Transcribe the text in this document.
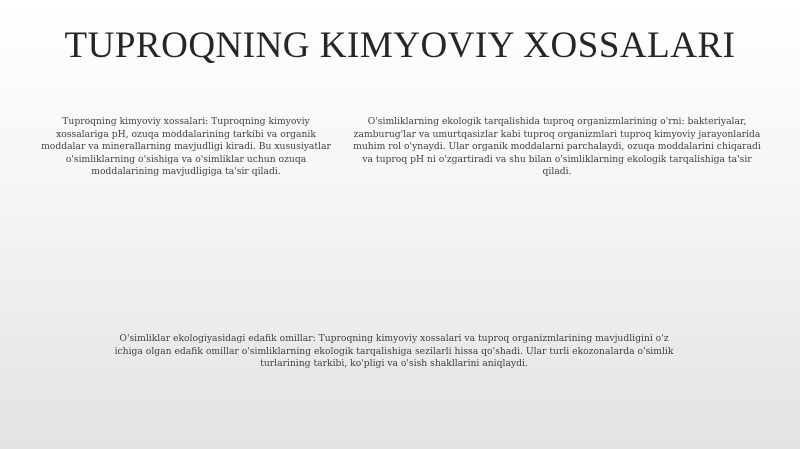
TUPROQNING KIMYOVIY XOSSALARI

Tuproqning kimyoviy xossalari: Tuproqning kimyoviy xossalariga pH, ozuqa moddalarining tarkibi va organik moddalar va minerallarning mavjudligi kiradi. Bu xususiyatlar o'simliklarning o'sishiga va o'simliklar uchun ozuqa moddalarining mavjudligiga ta'sir qiladi.

O'simliklarning ekologik tarqalishida tuproq organizmlarining o'rni: bakteriyalar, zamburug'lar va umurtqasizlar kabi tuproq organizmlari tuproq kimyoviy jarayonlarida muhim rol o'ynaydi. Ular organik moddalarni parchalaydi, ozuqa moddalarini chiqaradi va tuproq pH ni o'zgartiradi va shu bilan o'simliklarning ekologik tarqalishiga ta'sir qiladi.

O'simliklar ekologiyasidagi edafik omillar: Tuproqning kimyoviy xossalari va tuproq organizmlarining mavjudligini o'z ichiga olgan edafik omillar o'simliklarning ekologik tarqalishiga sezilarli hissa qo'shadi. Ular turli ekozonalarda o'simlik turlarining tarkibi, ko'pligi va o'sish shakllarini aniqlaydi.
